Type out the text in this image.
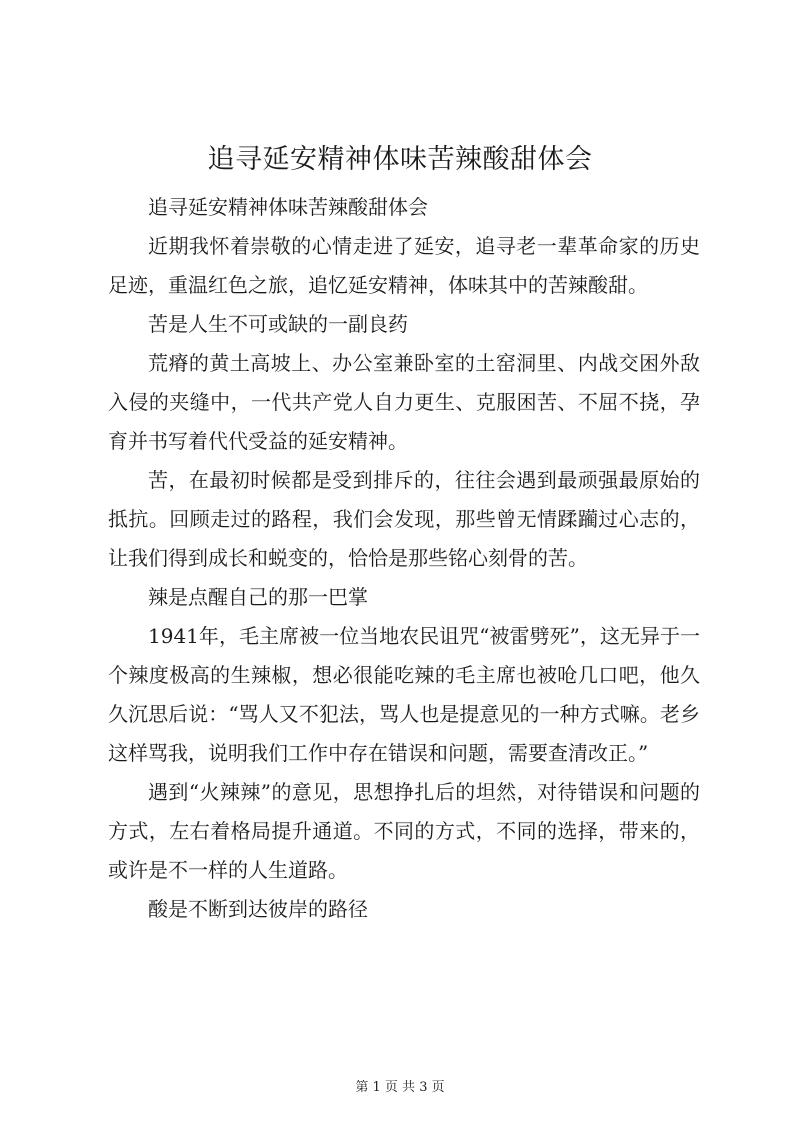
追寻延安精神体味苦辣酸甜体会

追寻延安精神体味苦辣酸甜体会

近期我怀着崇敬的心情走进了延安，追寻老一辈革命家的历史足迹，重温红色之旅，追忆延安精神，体味其中的苦辣酸甜。

苦是人生不可或缺的一副良药

荒瘠的黄土高坡上、办公室兼卧室的土窑洞里、内战交困外敌入侵的夹缝中，一代共产党人自力更生、克服困苦、不屈不挠，孕育并书写着代代受益的延安精神。

苦，在最初时候都是受到排斥的，往往会遇到最顽强最原始的抵抗。回顾走过的路程，我们会发现，那些曾无情蹂躏过心志的，让我们得到成长和蜕变的，恰恰是那些铭心刻骨的苦。

辣是点醒自己的那一巴掌

1941年，毛主席被一位当地农民诅咒“被雷劈死”，这无异于一个辣度极高的生辣椒，想必很能吃辣的毛主席也被呛几口吧，他久久沉思后说：“骂人又不犯法，骂人也是提意见的一种方式嘛。老乡这样骂我，说明我们工作中存在错误和问题，需要查清改正。”

遇到“火辣辣”的意见，思想挣扎后的坦然，对待错误和问题的方式，左右着格局提升通道。不同的方式，不同的选择，带来的，或许是不一样的人生道路。

酸是不断到达彼岸的路径

第 1 页 共 3 页
